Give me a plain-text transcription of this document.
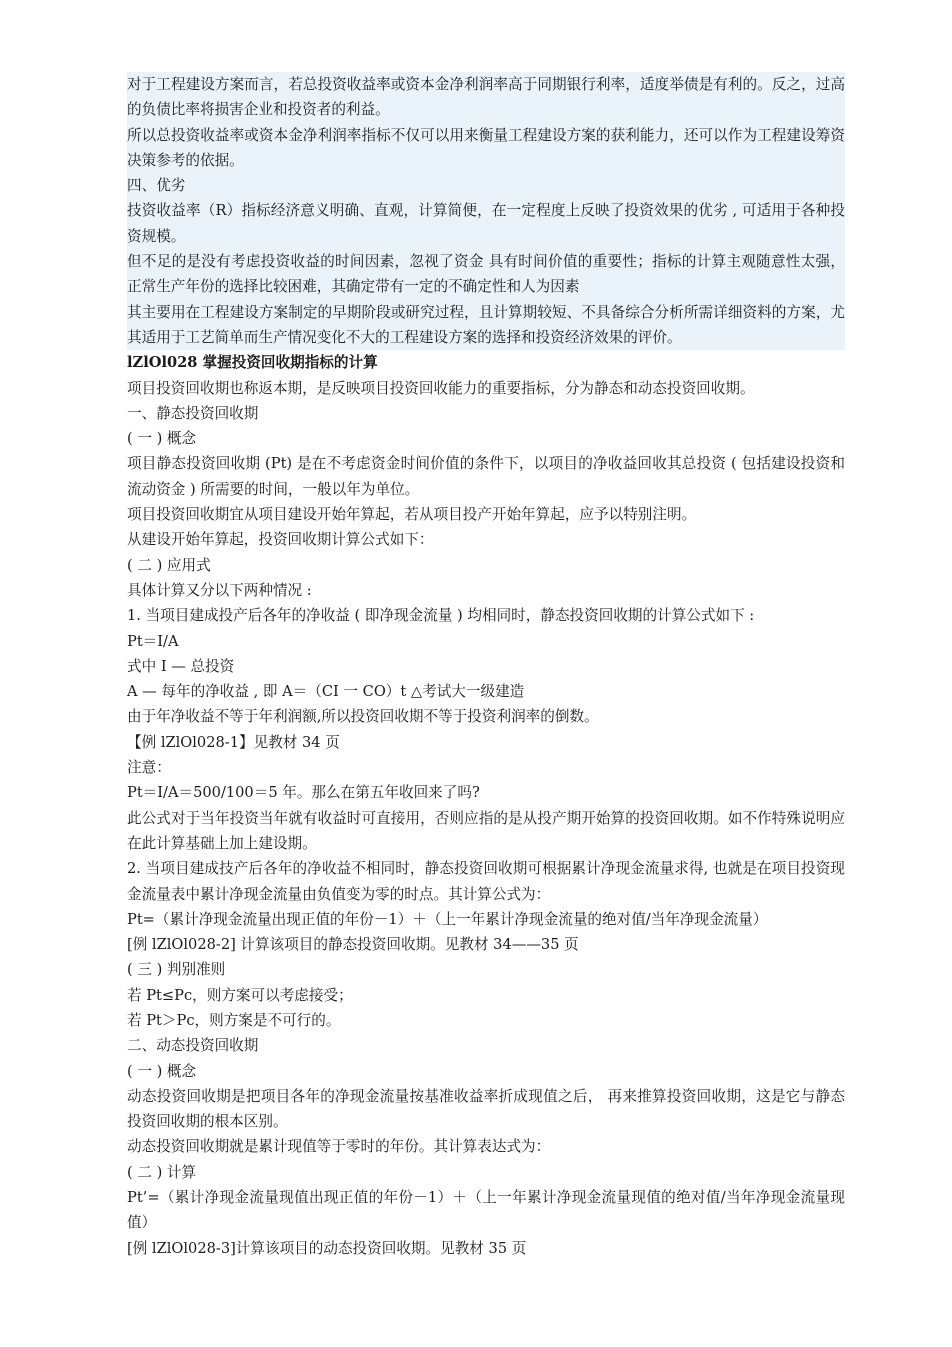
对于工程建设方案而言，若总投资收益率或资本金净利润率高于同期银行利率，适度举债是有利的。反之，过高的负债比率将损害企业和投资者的利益。

所以总投资收益率或资本金净利润率指标不仅可以用来衡量工程建设方案的获利能力，还可以作为工程建设筹资决策参考的依据。

四、优劣

技资收益率（R）指标经济意义明确、直观，计算简便，在一定程度上反映了投资效果的优劣 , 可适用于各种投资规模。

但不足的是没有考虑投资收益的时间因素，忽视了资金 具有时间价值的重要性；指标的计算主观随意性太强，正常生产年份的选择比较困难，其确定带有一定的不确定性和人为因素

其主要用在工程建设方案制定的早期阶段或研究过程，且计算期较短、不具备综合分析所需详细资料的方案，尤其适用于工艺简单而生产情况变化不大的工程建设方案的选择和投资经济效果的评价。

lZlOl028 掌握投资回收期指标的计算

项目投资回收期也称返本期，是反映项目投资回收能力的重要指标，分为静态和动态投资回收期。

一、静态投资回收期

( 一 ) 概念

项目静态投资回收期 (Pt) 是在不考虑资金时间价值的条件下，以项目的净收益回收其总投资 ( 包括建设投资和流动资金 ) 所需要的时间，一般以年为单位。

项目投资回收期宜从项目建设开始年算起，若从项目投产开始年算起，应予以特别注明。

从建设开始年算起，投资回收期计算公式如下：

( 二 ) 应用式

具体计算又分以下两种情况 :

1. 当项目建成投产后各年的净收益 ( 即净现金流量 ) 均相同时，静态投资回收期的计算公式如下 :

Pt＝I/A

式中 I — 总投资

A — 每年的净收益 , 即 A＝（CI 一 CO）t △考试大一级建造

由于年净收益不等于年利润额,所以投资回收期不等于投资利润率的倒数。

【例 lZlOl028-1】见教材 34 页

注意：

Pt＝I/A＝500/100＝5 年。那么在第五年收回来了吗?

此公式对于当年投资当年就有收益时可直接用，否则应指的是从投产期开始算的投资回收期。如不作特殊说明应在此计算基础上加上建设期。

2. 当项目建成技产后各年的净收益不相同时，静态投资回收期可根据累计净现金流量求得, 也就是在项目投资现金流量表中累计净现金流量由负值变为零的时点。其计算公式为：

Pt=（累计净现金流量出现正值的年份－1）＋（上一年累计净现金流量的绝对值/当年净现金流量）

[例 lZlOl028-2] 计算该项目的静态投资回收期。见教材 34——35 页

( 三 ) 判别准则

若 Pt≤Pc，则方案可以考虑接受；

若 Pt＞Pc，则方案是不可行的。

二、动态投资回收期

( 一 ) 概念

动态投资回收期是把项目各年的净现金流量按基准收益率折成现值之后， 再来推算投资回收期，这是它与静态投资回收期的根本区别。

动态投资回收期就是累计现值等于零时的年份。其计算表达式为：

( 二 ) 计算

Pt’=（累计净现金流量现值出现正值的年份－1）＋（上一年累计净现金流量现值的绝对值/当年净现金流量现值）

[例 lZlOl028-3]计算该项目的动态投资回收期。见教材 35 页
